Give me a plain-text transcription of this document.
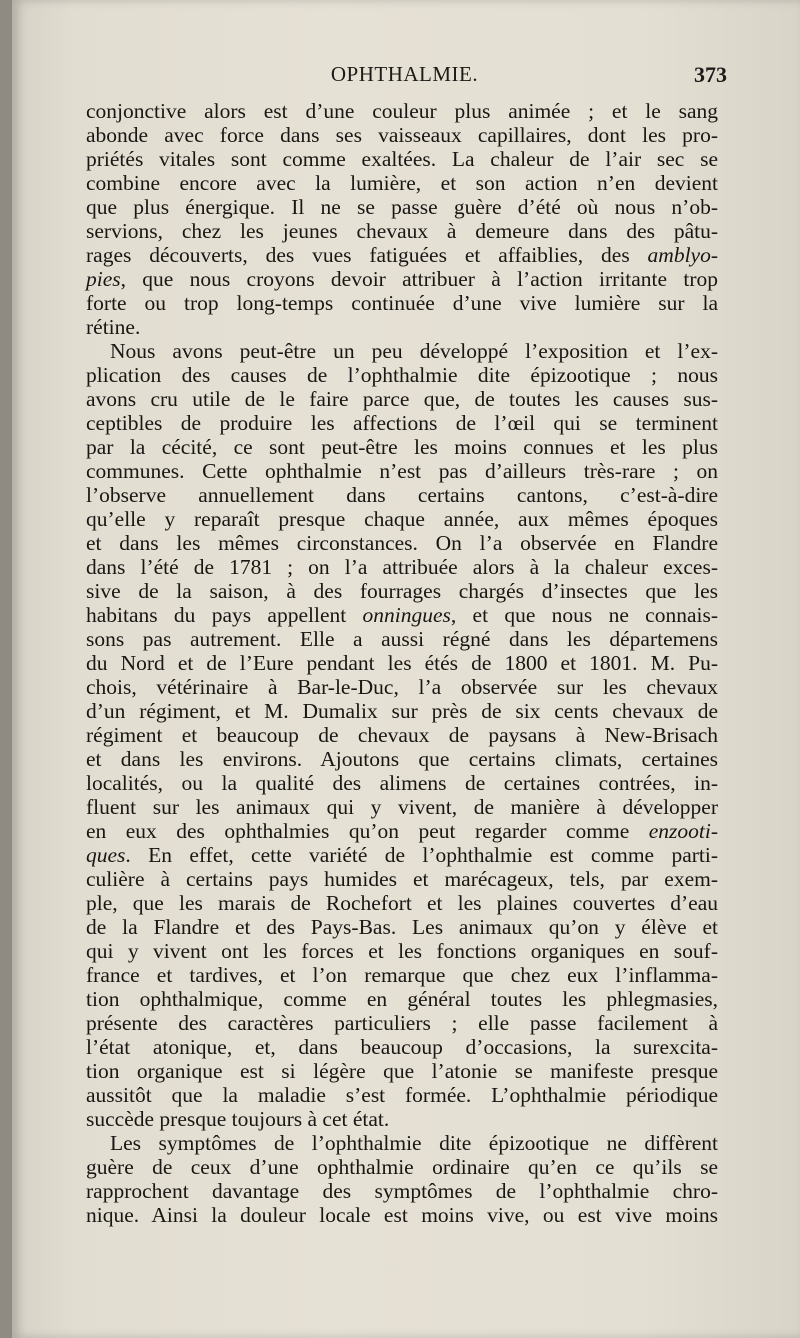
OPHTHALMIE.	373
conjonctive alors est d’une couleur plus animée ; et le sang
abonde avec force dans ses vaisseaux capillaires, dont les pro-
priétés vitales sont comme exaltées. La chaleur de l’air sec se
combine encore avec la lumière, et son action n’en devient
que plus énergique. Il ne se passe guère d’été où nous n’ob-
servions, chez les jeunes chevaux à demeure dans des pâtu-
rages découverts, des vues fatiguées et affaiblies, des amblyo-
pies, que nous croyons devoir attribuer à l’action irritante trop
forte ou trop long-temps continuée d’une vive lumière sur la
rétine.
Nous avons peut-être un peu développé l’exposition et l’ex-
plication des causes de l’ophthalmie dite épizootique ; nous
avons cru utile de le faire parce que, de toutes les causes sus-
ceptibles de produire les affections de l’œil qui se terminent
par la cécité, ce sont peut-être les moins connues et les plus
communes. Cette ophthalmie n’est pas d’ailleurs très-rare ; on
l’observe annuellement dans certains cantons, c’est-à-dire
qu’elle y reparaît presque chaque année, aux mêmes époques
et dans les mêmes circonstances. On l’a observée en Flandre
dans l’été de 1781 ; on l’a attribuée alors à la chaleur exces-
sive de la saison, à des fourrages chargés d’insectes que les
habitans du pays appellent onningues, et que nous ne connais-
sons pas autrement. Elle a aussi régné dans les départemens
du Nord et de l’Eure pendant les étés de 1800 et 1801. M. Pu-
chois, vétérinaire à Bar-le-Duc, l’a observée sur les chevaux
d’un régiment, et M. Dumalix sur près de six cents chevaux de
régiment et beaucoup de chevaux de paysans à New-Brisach
et dans les environs. Ajoutons que certains climats, certaines
localités, ou la qualité des alimens de certaines contrées, in-
fluent sur les animaux qui y vivent, de manière à développer
en eux des ophthalmies qu’on peut regarder comme enzooti-
ques. En effet, cette variété de l’ophthalmie est comme parti-
culière à certains pays humides et marécageux, tels, par exem-
ple, que les marais de Rochefort et les plaines couvertes d’eau
de la Flandre et des Pays-Bas. Les animaux qu’on y élève et
qui y vivent ont les forces et les fonctions organiques en souf-
france et tardives, et l’on remarque que chez eux l’inflamma-
tion ophthalmique, comme en général toutes les phlegmasies,
présente des caractères particuliers ; elle passe facilement à
l’état atonique, et, dans beaucoup d’occasions, la surexcita-
tion organique est si légère que l’atonie se manifeste presque
aussitôt que la maladie s’est formée. L’ophthalmie périodique
succède presque toujours à cet état.
Les symptômes de l’ophthalmie dite épizootique ne diffèrent
guère de ceux d’une ophthalmie ordinaire qu’en ce qu’ils se
rapprochent davantage des symptômes de l’ophthalmie chro-
nique. Ainsi la douleur locale est moins vive, ou est vive moins
